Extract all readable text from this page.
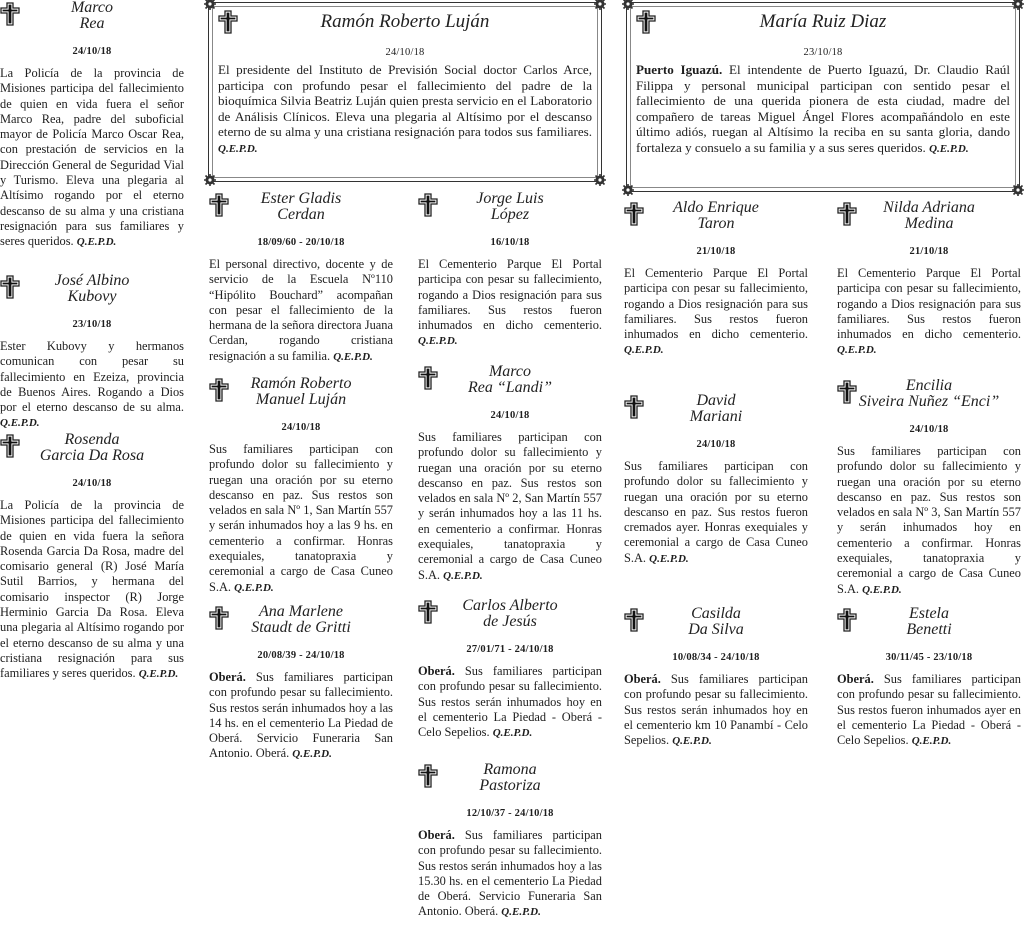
Ramón Roberto Luján
24/10/18
El presidente del Instituto de Previsión Social doctor Carlos Arce, participa con profundo pesar el fallecimiento del padre de la bioquímica Silvia Beatriz Luján quien presta servicio en el Laboratorio de Análisis Clínicos. Eleva una plegaria al Altísimo por el descanso eterno de su alma y una cristiana resignación para todos sus familiares. Q.E.P.D.
María Ruiz Diaz
23/10/18
Puerto Iguazú. El intendente de Puerto Iguazú, Dr. Claudio Raúl Filippa y personal municipal participan con sentido pesar el fallecimiento de una querida pionera de esta ciudad, madre del compañero de tareas Miguel Ángel Flores acompañándolo en este último adiós, ruegan al Altísimo la reciba en su santa gloria, dando fortaleza y consuelo a su familia y a sus seres queridos. Q.E.P.D.
Marco
Rea
24/10/18
La Policía de la provincia de Misiones participa del fallecimiento de quien en vida fuera el señor Marco Rea, padre del suboficial mayor de Policía Marco Oscar Rea, con prestación de servicios en la Dirección General de Seguridad Vial y Turismo. Eleva una plegaria al Altísimo rogando por el eterno descanso de su alma y una cristiana resignación para sus familiares y seres queridos. Q.E.P.D.
José Albino
Kubovy
23/10/18
Ester Kubovy y hermanos comunican con pesar su fallecimiento en Ezeiza, provincia de Buenos Aires. Rogando a Dios por el eterno descanso de su alma. Q.E.P.D.
Rosenda
Garcia Da Rosa
24/10/18
La Policía de la provincia de Misiones participa del fallecimiento de quien en vida fuera la señora Rosenda Garcia Da Rosa, madre del comisario general (R) José María Sutil Barrios, y hermana del comisario inspector (R) Jorge Herminio Garcia Da Rosa. Eleva una plegaria al Altísimo rogando por el eterno descanso de su alma y una cristiana resignación para sus familiares y seres queridos. Q.E.P.D.
Ester Gladis
Cerdan
18/09/60 - 20/10/18
El personal directivo, docente y de servicio de la Escuela Nº110 “Hipólito Bouchard” acompañan con pesar el fallecimiento de la hermana de la señora directora Juana Cerdan, rogando cristiana resignación a su familia. Q.E.P.D.
Ramón Roberto
Manuel Luján
24/10/18
Sus familiares participan con profundo dolor su fallecimiento y ruegan una oración por su eterno descanso en paz. Sus restos son velados en sala Nº 1, San Martín 557 y serán inhumados hoy a las 9 hs. en cementerio a confirmar. Honras exequiales, tanatopraxia y ceremonial a cargo de Casa Cuneo S.A. Q.E.P.D.
Ana Marlene
Staudt de Gritti
20/08/39 - 24/10/18
Oberá. Sus familiares participan con profundo pesar su fallecimiento. Sus restos serán inhumados hoy a las 14 hs. en el cementerio La Piedad de Oberá. Servicio Funeraria San Antonio. Oberá. Q.E.P.D.
Jorge Luis
López
16/10/18
El Cementerio Parque El Portal participa con pesar su fallecimiento, rogando a Dios resignación para sus familiares. Sus restos fueron inhumados en dicho cementerio. Q.E.P.D.
Marco
Rea “Landi”
24/10/18
Sus familiares participan con profundo dolor su fallecimiento y ruegan una oración por su eterno descanso en paz. Sus restos son velados en sala Nº 2, San Martín 557 y serán inhumados hoy a las 11 hs. en cementerio a confirmar. Honras exequiales, tanatopraxia y ceremonial a cargo de Casa Cuneo S.A. Q.E.P.D.
Carlos Alberto
de Jesús
27/01/71 - 24/10/18
Oberá. Sus familiares participan con profundo pesar su fallecimiento. Sus restos serán inhumados hoy en el cementerio La Piedad - Oberá - Celo Sepelios. Q.E.P.D.
Ramona
Pastoriza
12/10/37 - 24/10/18
Oberá. Sus familiares participan con profundo pesar su fallecimiento. Sus restos serán inhumados hoy a las 15.30 hs. en el cementerio La Piedad de Oberá. Servicio Funeraria San Antonio. Oberá. Q.E.P.D.
Aldo Enrique
Taron
21/10/18
El Cementerio Parque El Portal participa con pesar su fallecimiento, rogando a Dios resignación para sus familiares. Sus restos fueron inhumados en dicho cementerio. Q.E.P.D.
David
Mariani
24/10/18
Sus familiares participan con profundo dolor su fallecimiento y ruegan una oración por su eterno descanso en paz. Sus restos fueron cremados ayer. Honras exequiales y ceremonial a cargo de Casa Cuneo S.A. Q.E.P.D.
Casilda
Da Silva
10/08/34 - 24/10/18
Oberá. Sus familiares participan con profundo pesar su fallecimiento. Sus restos serán inhumados hoy en el cementerio km 10 Panambí - Celo Sepelios. Q.E.P.D.
Nilda Adriana
Medina
21/10/18
El Cementerio Parque El Portal participa con pesar su fallecimiento, rogando a Dios resignación para sus familiares. Sus restos fueron inhumados en dicho cementerio. Q.E.P.D.
Encilia
Siveira Nuñez “Enci”
24/10/18
Sus familiares participan con profundo dolor su fallecimiento y ruegan una oración por su eterno descanso en paz. Sus restos son velados en sala Nº 3, San Martín 557 y serán inhumados hoy en cementerio a confirmar. Honras exequiales, tanatopraxia y ceremonial a cargo de Casa Cuneo S.A. Q.E.P.D.
Estela
Benetti
30/11/45 - 23/10/18
Oberá. Sus familiares participan con profundo pesar su fallecimiento. Sus restos fueron inhumados ayer en el cementerio La Piedad - Oberá - Celo Sepelios. Q.E.P.D.
